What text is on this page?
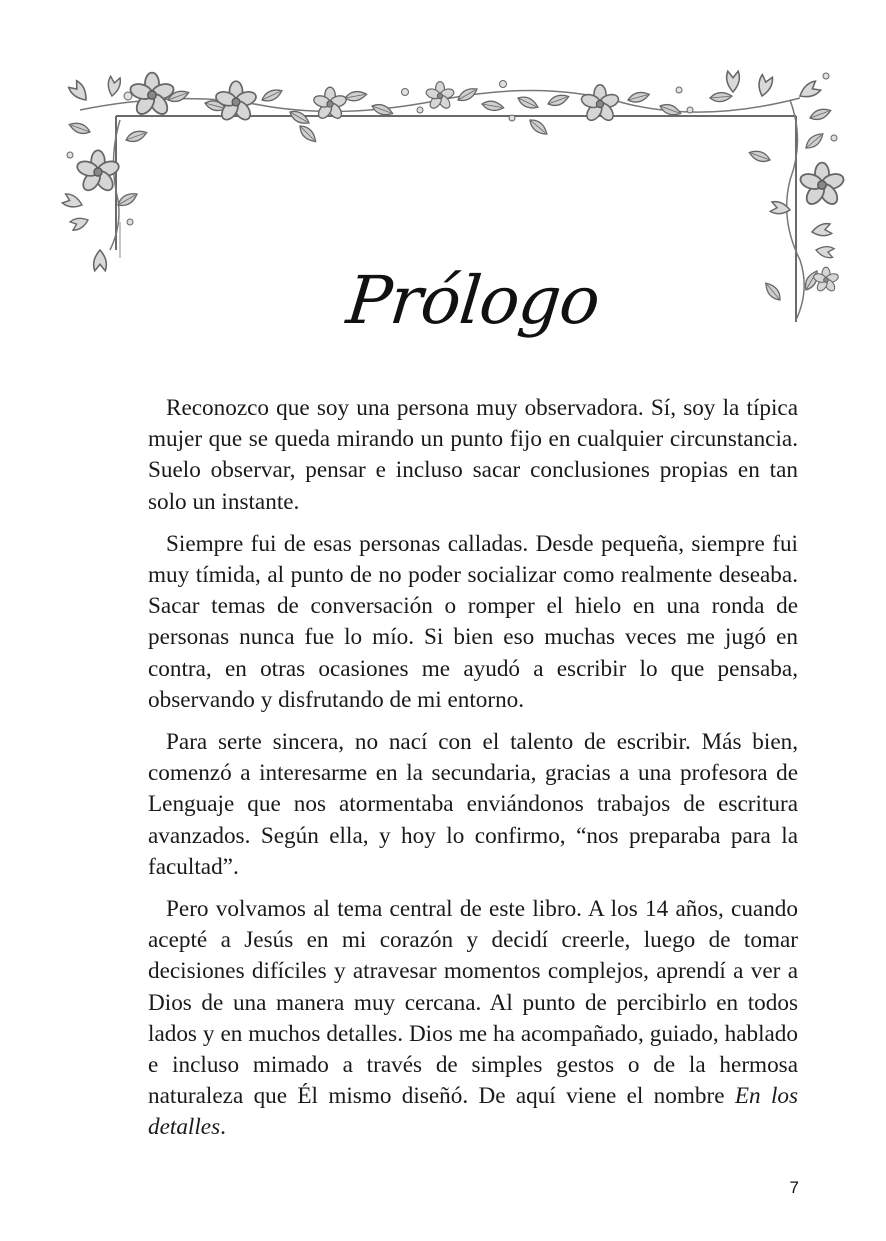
Prólogo

Reconozco que soy una persona muy observadora. Sí, soy la típica mujer que se queda mirando un punto fijo en cualquier circunstancia. Suelo observar, pensar e incluso sacar conclusiones propias en tan solo un instante.

Siempre fui de esas personas calladas. Desde pequeña, siempre fui muy tímida, al punto de no poder socializar como realmente deseaba. Sacar temas de conversación o romper el hielo en una ronda de personas nunca fue lo mío. Si bien eso muchas veces me jugó en contra, en otras ocasiones me ayudó a escribir lo que pensaba, observando y disfrutando de mi entorno.

Para serte sincera, no nací con el talento de escribir. Más bien, comenzó a interesarme en la secundaria, gracias a una profesora de Lenguaje que nos atormentaba enviándonos trabajos de escritura avanzados. Según ella, y hoy lo confirmo, “nos preparaba para la facultad”.

Pero volvamos al tema central de este libro. A los 14 años, cuando acepté a Jesús en mi corazón y decidí creerle, luego de tomar decisiones difíciles y atravesar momentos complejos, aprendí a ver a Dios de una manera muy cercana. Al punto de percibirlo en todos lados y en muchos detalles. Dios me ha acompañado, guiado, hablado e incluso mimado a través de simples gestos o de la hermosa naturaleza que Él mismo diseñó. De aquí viene el nombre En los detalles.

7
